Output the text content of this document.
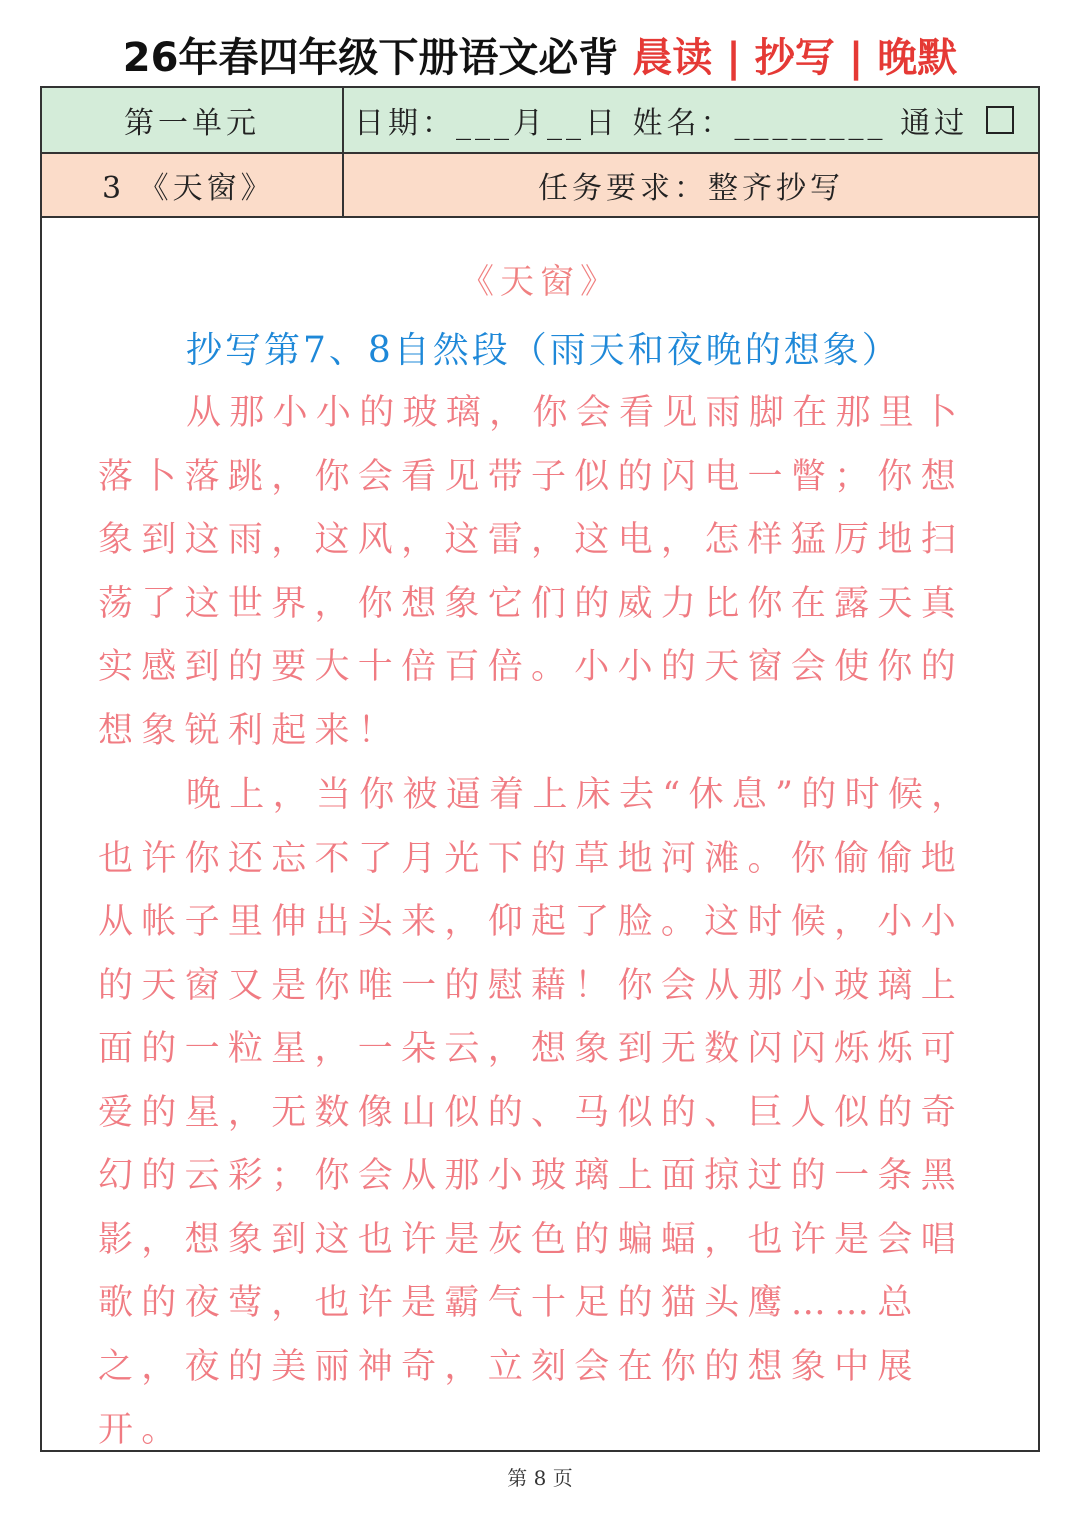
26年春四年级下册语文必背 晨读 | 抄写 | 晚默
第一单元	日期：___月__日 姓名：________ 通过
3 《天窗》	任务要求：整齐抄写
《天窗》
抄写第7、8自然段（雨天和夜晚的想象）

从那小小的玻璃，你会看见雨脚在那里卜落卜落跳，你会看见带子似的闪电一瞥；你想象到这雨，这风，这雷，这电，怎样猛厉地扫荡了这世界，你想象它们的威力比你在露天真实感到的要大十倍百倍。小小的天窗会使你的想象锐利起来！

晚上，当你被逼着上床去“休息”的时候，也许你还忘不了月光下的草地河滩。你偷偷地从帐子里伸出头来，仰起了脸。这时候，小小的天窗又是你唯一的慰藉！你会从那小玻璃上面的一粒星，一朵云，想象到无数闪闪烁烁可爱的星，无数像山似的、马似的、巨人似的奇幻的云彩；你会从那小玻璃上面掠过的一条黑影，想象到这也许是灰色的蝙蝠，也许是会唱歌的夜莺，也许是霸气十足的猫头鹰……总之，夜的美丽神奇，立刻会在你的想象中展开。

第 8 页
